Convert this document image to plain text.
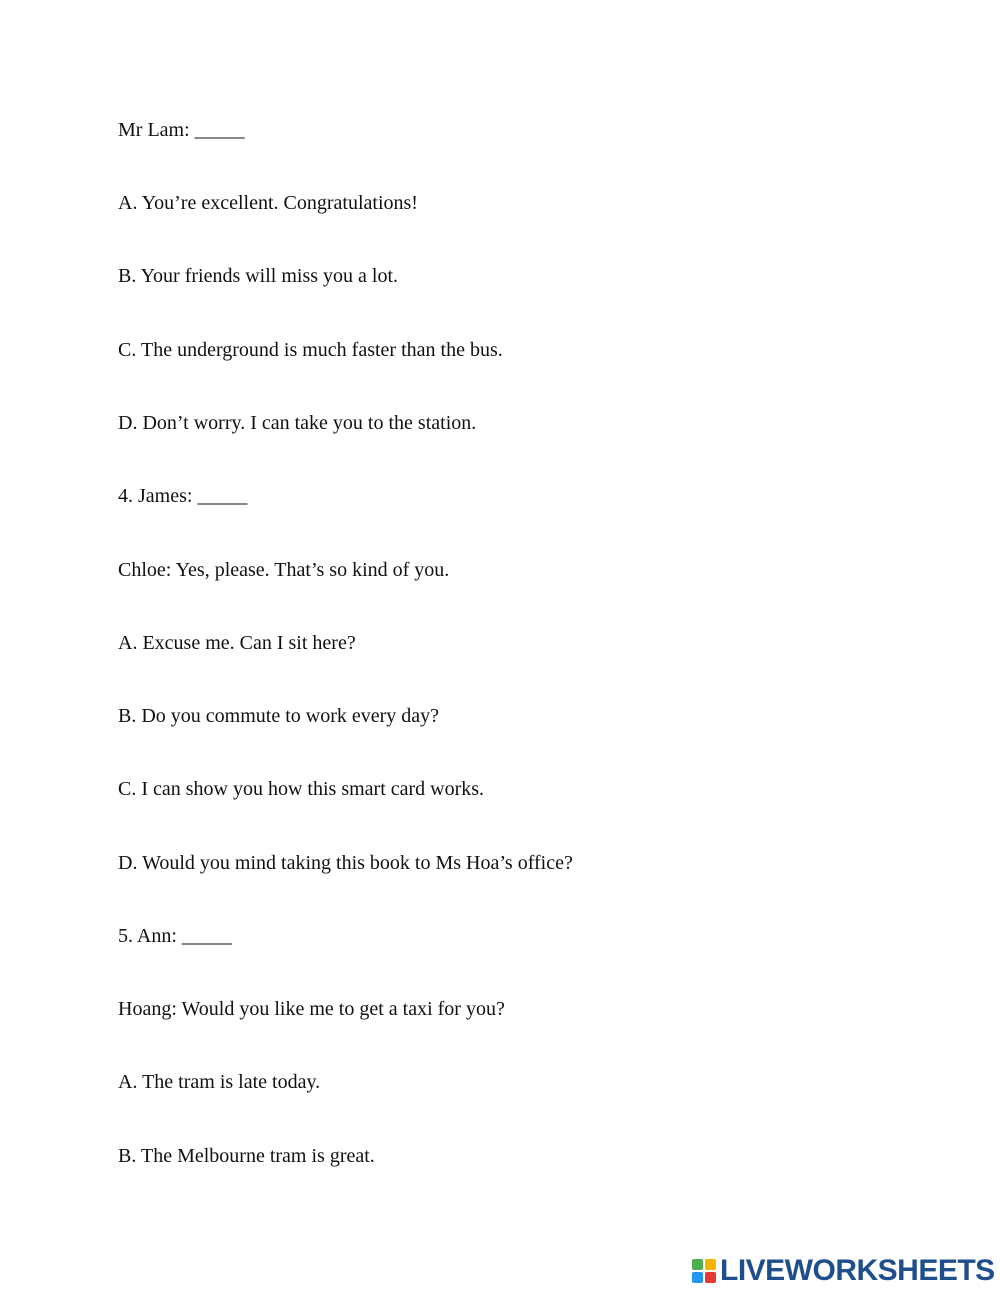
Mr Lam: _____
A. You’re excellent. Congratulations!
B. Your friends will miss you a lot.
C. The underground is much faster than the bus.
D. Don’t worry. I can take you to the station.
4. James: _____
Chloe: Yes, please. That’s so kind of you.
A. Excuse me. Can I sit here?
B. Do you commute to work every day?
C. I can show you how this smart card works.
D. Would you mind taking this book to Ms Hoa’s office?
5. Ann: _____
Hoang: Would you like me to get a taxi for you?
A. The tram is late today.
B. The Melbourne tram is great.
LIVEWORKSHEETS
